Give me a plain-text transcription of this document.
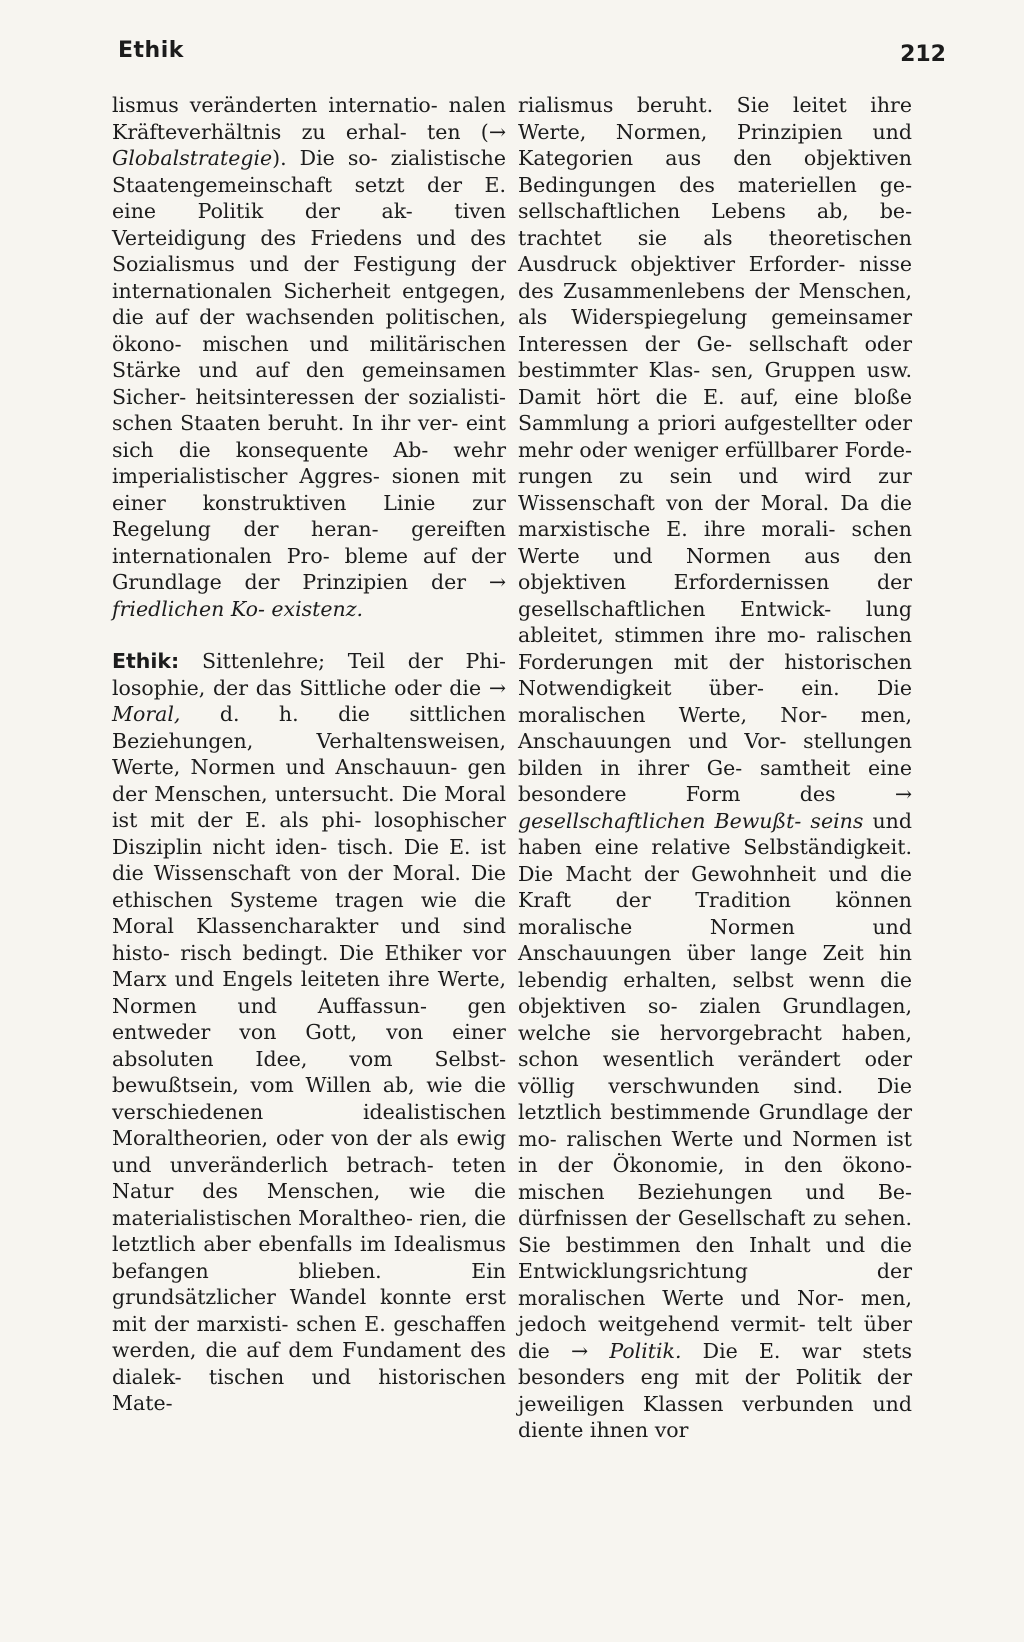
Ethik	212

lismus veränderten internatio- nalen Kräfteverhältnis zu erhal- ten (→ Globalstrategie). Die so- zialistische Staatengemeinschaft setzt der E. eine Politik der ak- tiven Verteidigung des Friedens und des Sozialismus und der Festigung der internationalen Sicherheit entgegen, die auf der wachsenden politischen, ökono- mischen und militärischen Stärke und auf den gemeinsamen Sicher- heitsinteressen der sozialisti- schen Staaten beruht. In ihr ver- eint sich die konsequente Ab- wehr imperialistischer Aggres- sionen mit einer konstruktiven Linie zur Regelung der heran- gereiften internationalen Pro- bleme auf der Grundlage der Prinzipien der → friedlichen Ko- existenz.

Ethik: Sittenlehre; Teil der Phi- losophie, der das Sittliche oder die → Moral, d. h. die sittlichen Beziehungen, Verhaltensweisen, Werte, Normen und Anschauun- gen der Menschen, untersucht. Die Moral ist mit der E. als phi- losophischer Disziplin nicht iden- tisch. Die E. ist die Wissenschaft von der Moral. Die ethischen Systeme tragen wie die Moral Klassencharakter und sind histo- risch bedingt. Die Ethiker vor Marx und Engels leiteten ihre Werte, Normen und Auffassun- gen entweder von Gott, von einer absoluten Idee, vom Selbst- bewußtsein, vom Willen ab, wie die verschiedenen idealistischen Moraltheorien, oder von der als ewig und unveränderlich betrach- teten Natur des Menschen, wie die materialistischen Moraltheo- rien, die letztlich aber ebenfalls im Idealismus befangen blieben. Ein grundsätzlicher Wandel konnte erst mit der marxisti- schen E. geschaffen werden, die auf dem Fundament des dialek- tischen und historischen Mate-

rialismus beruht. Sie leitet ihre Werte, Normen, Prinzipien und Kategorien aus den objektiven Bedingungen des materiellen ge- sellschaftlichen Lebens ab, be- trachtet sie als theoretischen Ausdruck objektiver Erforder- nisse des Zusammenlebens der Menschen, als Widerspiegelung gemeinsamer Interessen der Ge- sellschaft oder bestimmter Klas- sen, Gruppen usw. Damit hört die E. auf, eine bloße Sammlung a priori aufgestellter oder mehr oder weniger erfüllbarer Forde- rungen zu sein und wird zur Wissenschaft von der Moral. Da die marxistische E. ihre morali- schen Werte und Normen aus den objektiven Erfordernissen der gesellschaftlichen Entwick- lung ableitet, stimmen ihre mo- ralischen Forderungen mit der historischen Notwendigkeit über- ein. Die moralischen Werte, Nor- men, Anschauungen und Vor- stellungen bilden in ihrer Ge- samtheit eine besondere Form des → gesellschaftlichen Bewußt- seins und haben eine relative Selbständigkeit. Die Macht der Gewohnheit und die Kraft der Tradition können moralische Normen und Anschauungen über lange Zeit hin lebendig erhalten, selbst wenn die objektiven so- zialen Grundlagen, welche sie hervorgebracht haben, schon wesentlich verändert oder völlig verschwunden sind. Die letztlich bestimmende Grundlage der mo- ralischen Werte und Normen ist in der Ökonomie, in den ökono- mischen Beziehungen und Be- dürfnissen der Gesellschaft zu sehen. Sie bestimmen den Inhalt und die Entwicklungsrichtung der moralischen Werte und Nor- men, jedoch weitgehend vermit- telt über die → Politik. Die E. war stets besonders eng mit der Politik der jeweiligen Klassen verbunden und diente ihnen vor
